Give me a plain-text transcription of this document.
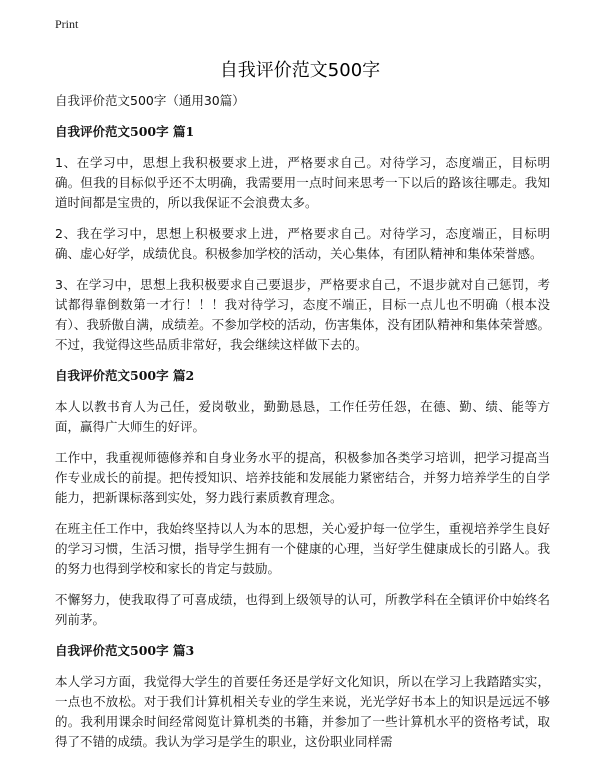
Print
自我评价范文500字

自我评价范文500字（通用30篇）

自我评价范文500字 篇1

1、在学习中，思想上我积极要求上进，严格要求自己。对待学习，态度端正，目标明确。但我的目标似乎还不太明确，我需要用一点时间来思考一下以后的路该往哪走。我知道时间都是宝贵的，所以我保证不会浪费太多。

2、我在学习中，思想上积极要求上进，严格要求自己。对待学习，态度端正，目标明确、虚心好学，成绩优良。积极参加学校的活动，关心集体，有团队精神和集体荣誉感。

3、在学习中，思想上我积极要求自己要退步，严格要求自己，不退步就对自己惩罚，考试都得靠倒数第一才行！！！我对待学习，态度不端正，目标一点儿也不明确（根本没有）、我骄傲自满，成绩差。不参加学校的活动，伤害集体，没有团队精神和集体荣誉感。不过，我觉得这些品质非常好，我会继续这样做下去的。

自我评价范文500字 篇2

本人以教书育人为己任，爱岗敬业，勤勤恳恳，工作任劳任怨，在德、勤、绩、能等方面，赢得广大师生的好评。

工作中，我重视师德修养和自身业务水平的提高，积极参加各类学习培训，把学习提高当作专业成长的前提。把传授知识、培养技能和发展能力紧密结合，并努力培养学生的自学能力，把新课标落到实处，努力践行素质教育理念。

在班主任工作中，我始终坚持以人为本的思想，关心爱护每一位学生，重视培养学生良好的学习习惯，生活习惯，指导学生拥有一个健康的心理，当好学生健康成长的引路人。我的努力也得到学校和家长的肯定与鼓励。

不懈努力，使我取得了可喜成绩，也得到上级领导的认可，所教学科在全镇评价中始终名列前茅。

自我评价范文500字 篇3

本人学习方面，我觉得大学生的首要任务还是学好文化知识，所以在学习上我踏踏实实，一点也不放松。对于我们计算机相关专业的学生来说，光光学好书本上的知识是远远不够的。我利用课余时间经常阅览计算机类的书籍，并参加了一些计算机水平的资格考试，取得了不错的成绩。我认为学习是学生的职业，这份职业同样需
